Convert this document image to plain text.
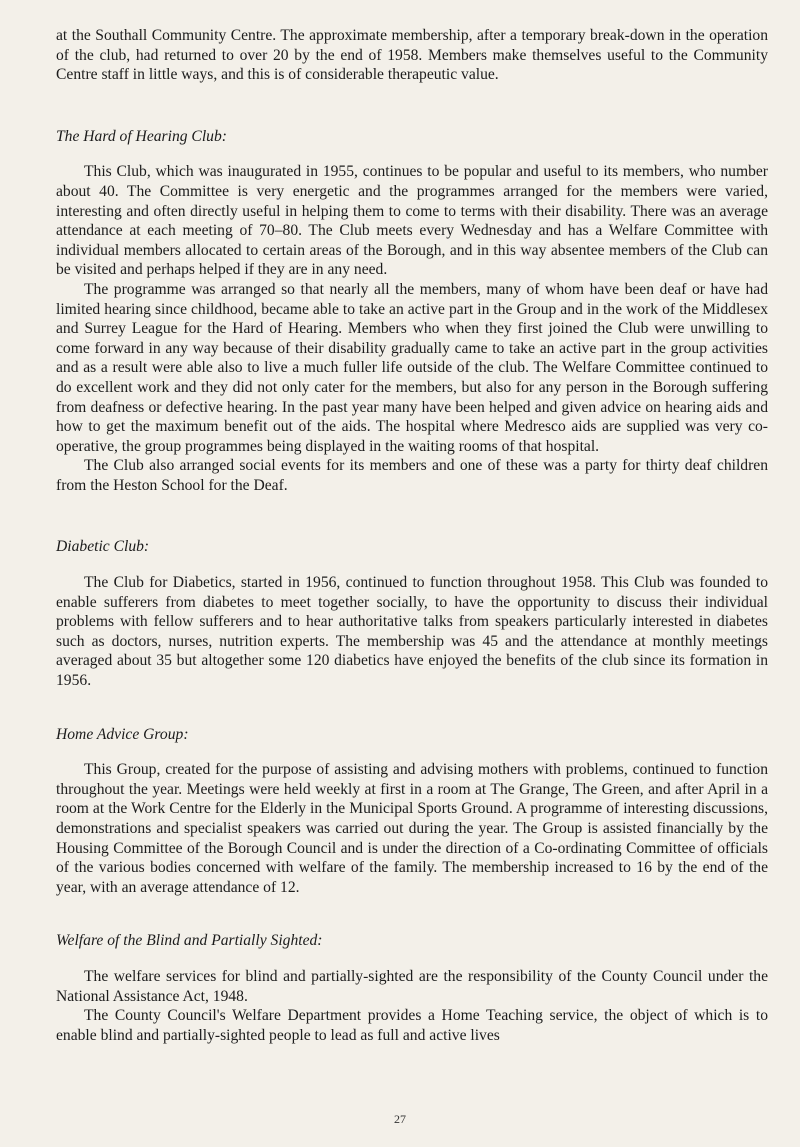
at the Southall Community Centre. The approximate membership, after a temporary break-down in the operation of the club, had returned to over 20 by the end of 1958. Members make themselves useful to the Community Centre staff in little ways, and this is of considerable therapeutic value.

The Hard of Hearing Club:

This Club, which was inaugurated in 1955, continues to be popular and useful to its members, who number about 40. The Committee is very energetic and the programmes arranged for the members were varied, interesting and often directly useful in helping them to come to terms with their disability. There was an average attendance at each meeting of 70–80. The Club meets every Wednesday and has a Welfare Committee with individual members allocated to certain areas of the Borough, and in this way absentee members of the Club can be visited and perhaps helped if they are in any need.

The programme was arranged so that nearly all the members, many of whom have been deaf or have had limited hearing since childhood, became able to take an active part in the Group and in the work of the Middlesex and Surrey League for the Hard of Hearing. Members who when they first joined the Club were unwilling to come forward in any way because of their disability gradually came to take an active part in the group activities and as a result were able also to live a much fuller life outside of the club. The Welfare Committee continued to do excellent work and they did not only cater for the members, but also for any person in the Borough suffering from deafness or defective hearing. In the past year many have been helped and given advice on hearing aids and how to get the maximum benefit out of the aids. The hospital where Medresco aids are supplied was very co-operative, the group programmes being displayed in the waiting rooms of that hospital.

The Club also arranged social events for its members and one of these was a party for thirty deaf children from the Heston School for the Deaf.

Diabetic Club:

The Club for Diabetics, started in 1956, continued to function throughout 1958. This Club was founded to enable sufferers from diabetes to meet together socially, to have the opportunity to discuss their individual problems with fellow sufferers and to hear authoritative talks from speakers particularly interested in diabetes such as doctors, nurses, nutrition experts. The membership was 45 and the attendance at monthly meetings averaged about 35 but altogether some 120 diabetics have enjoyed the benefits of the club since its formation in 1956.

Home Advice Group:

This Group, created for the purpose of assisting and advising mothers with problems, continued to function throughout the year. Meetings were held weekly at first in a room at The Grange, The Green, and after April in a room at the Work Centre for the Elderly in the Municipal Sports Ground. A programme of interesting discussions, demonstrations and specialist speakers was carried out during the year. The Group is assisted financially by the Housing Committee of the Borough Council and is under the direction of a Co-ordinating Committee of officials of the various bodies concerned with welfare of the family. The membership increased to 16 by the end of the year, with an average attendance of 12.

Welfare of the Blind and Partially Sighted:

The welfare services for blind and partially-sighted are the responsibility of the County Council under the National Assistance Act, 1948.

The County Council's Welfare Department provides a Home Teaching service, the object of which is to enable blind and partially-sighted people to lead as full and active lives

27
